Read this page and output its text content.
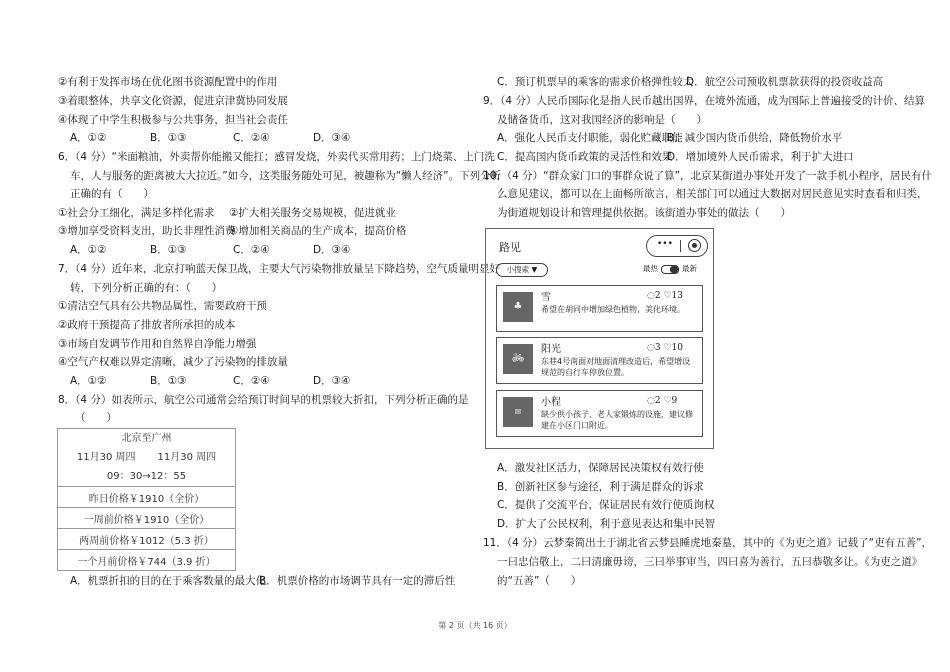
②有利于发挥市场在优化图书资源配置中的作用
③着眼整体，共享文化资源，促进京津冀协同发展
④体现了中学生积极参与公共事务，担当社会责任
A．①②	B．①③	C．②④	D．③④
6．（4 分）“米面粮油，外卖帮你能搬又能扛；感冒发烧，外卖代买常用药；上门烧菜、上门洗
车，人与服务的距离被大大拉近。”如今，这类服务随处可见，被趣称为“懒人经济”。下列分析
正确的有（　　）
①社会分工细化，满足多样化需求 ②扩大相关服务交易规模，促进就业
③增加享受资料支出，助长非理性消费
④增加相关商品的生产成本，提高价格
A．①②	B．①③	C．②④	D．③④
7．（4 分）近年来，北京打响蓝天保卫战，主要大气污染物排放量呈下降趋势，空气质量明显好
转，下列分析正确的有：（　　）
①清洁空气具有公共物品属性，需要政府干预
②政府干预提高了排放者所承担的成本
③市场自发调节作用和自然界自净能力增强
④空气产权难以界定清晰，减少了污染物的排放量
A．①②	B．①③	C．②④	D．③④
8．（4 分）如表所示，航空公司通常会给预订时间早的机票较大折扣，下列分析正确的是
（　　）
北京至广州
11月30 周四 11月30 周四
09：30→12：55

昨日价格￥1910（全价）
一周前价格￥1910（全价）
两周前价格￥1012（5.3 折）
一个月前价格￥744（3.9 折）
A．机票折扣的目的在于乘客数量的最大化
B．机票价格的市场调节具有一定的滞后性
C．预订机票早的乘客的需求价格弹性较大
D．航空公司预收机票款获得的投资收益高
9．（4 分）人民币国际化是指人民币越出国界，在境外流通，成为国际上普遍接受的计价、结算
及储备货币，这对我国经济的影响是（　　）
A．强化人民币支付职能，弱化贮藏职能
B．减少国内货币供给，降低物价水平
C．提高国内货币政策的灵活性和效果
D．增加境外人民币需求，利于扩大进口
10．（4 分）“群众家门口的事群众说了算”，北京某街道办事处开发了一款手机小程序，居民有什
么意见建议，都可以在上面畅所欲言，相关部门可以通过大数据对居民意见实时查看和归类，
为街道规划设计和管理提供依据。该街道办事处的做法（　　）
路见	•••
小搜索 ▼	最热	最新
♣
雪	◌2 ♡13
希望在胡同中增加绿色植物，美化环境。
🚲︎
阳光	◌3 ♡10
东巷4号南面对地面清理改造后，希望增设规范的自行车停放位置。
⩎
小程	◌2 ♡9
缺少供小孩子、老人家锻炼的设施，建议修建在小区门口附近。
A．激发社区活力，保障居民决策权有效行使
B．创新社区参与途径，利于满足群众的诉求
C．提供了交流平台，保证居民有效行使质询权
D．扩大了公民权利，利于意见表达和集中民智
11．（4 分）云梦秦简出土于湖北省云梦县睡虎地秦墓，其中的《为吏之道》记载了“吏有五善”，
一曰忠信敬上，二曰清廉毋谤，三曰举事审当，四曰喜为善行，五曰恭敬多让。《为吏之道》
的“五善”（　　）
第 2 页（共 16 页）
